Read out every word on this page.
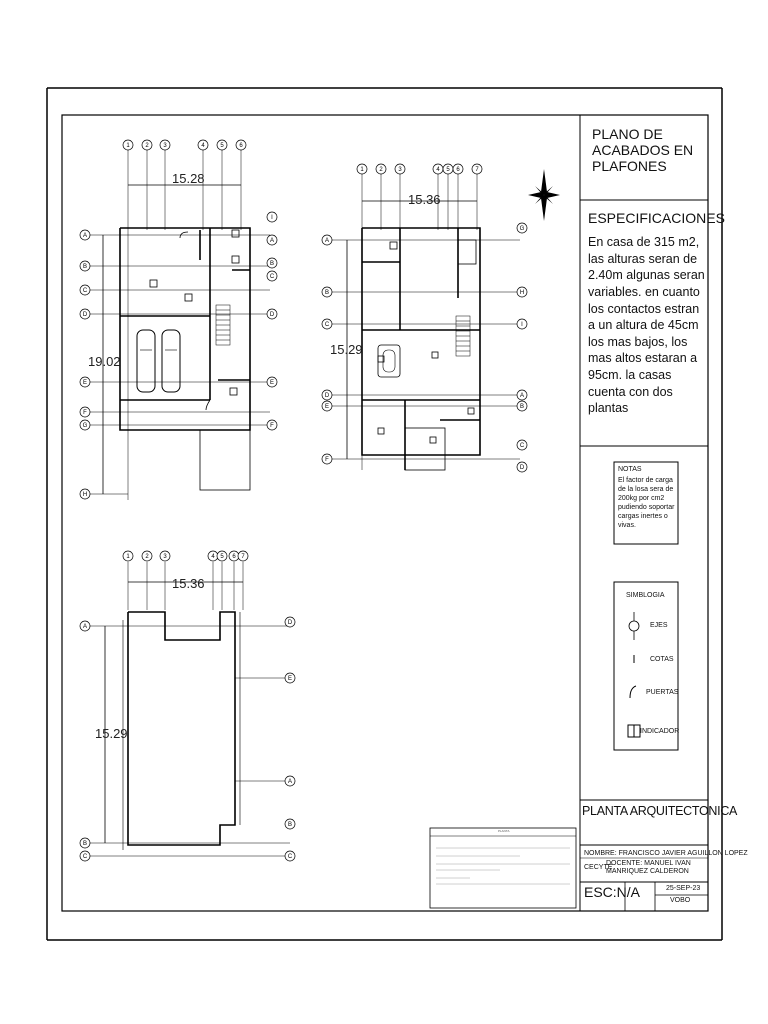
1	2 3	4	5	6
A
B
C
D
E
F
G
H
I
A
B
C
D
E
F
1	2	3	4 5 6	7
A
B
C
D
E
F
G
H
I
A
B
C
D
1	2 3	4 5 6 7
A
B
C
D
E
A
B
C
15.28
19.02
15.36
15.29
15.36
15.29
PLANO DE ACABADOS EN PLAFONES
ESPECIFICACIONES
En casa de 315 m2, las alturas seran de 2.40m algunas seran variables. en cuanto los contactos estran a un altura de 45cm los mas bajos, los mas altos estaran a 95cm. la casas cuenta con dos plantas
NOTAS
El factor de carga de la losa sera de 200kg por cm2 pudiendo soportar cargas inertes o vivas.
SIMBLOGIA
EJES
COTAS
PUERTAS
INDICADOR
PLANTA ARQUITECTONICA
NOMBRE: FRANCISCO JAVIER AGUILLON LOPEZ
CECYTE
DOCENTE: MANUEL IVAN MANRIQUEZ CALDERON
ESC:N/A	25-SEP-23
VOBO
PLANTA
